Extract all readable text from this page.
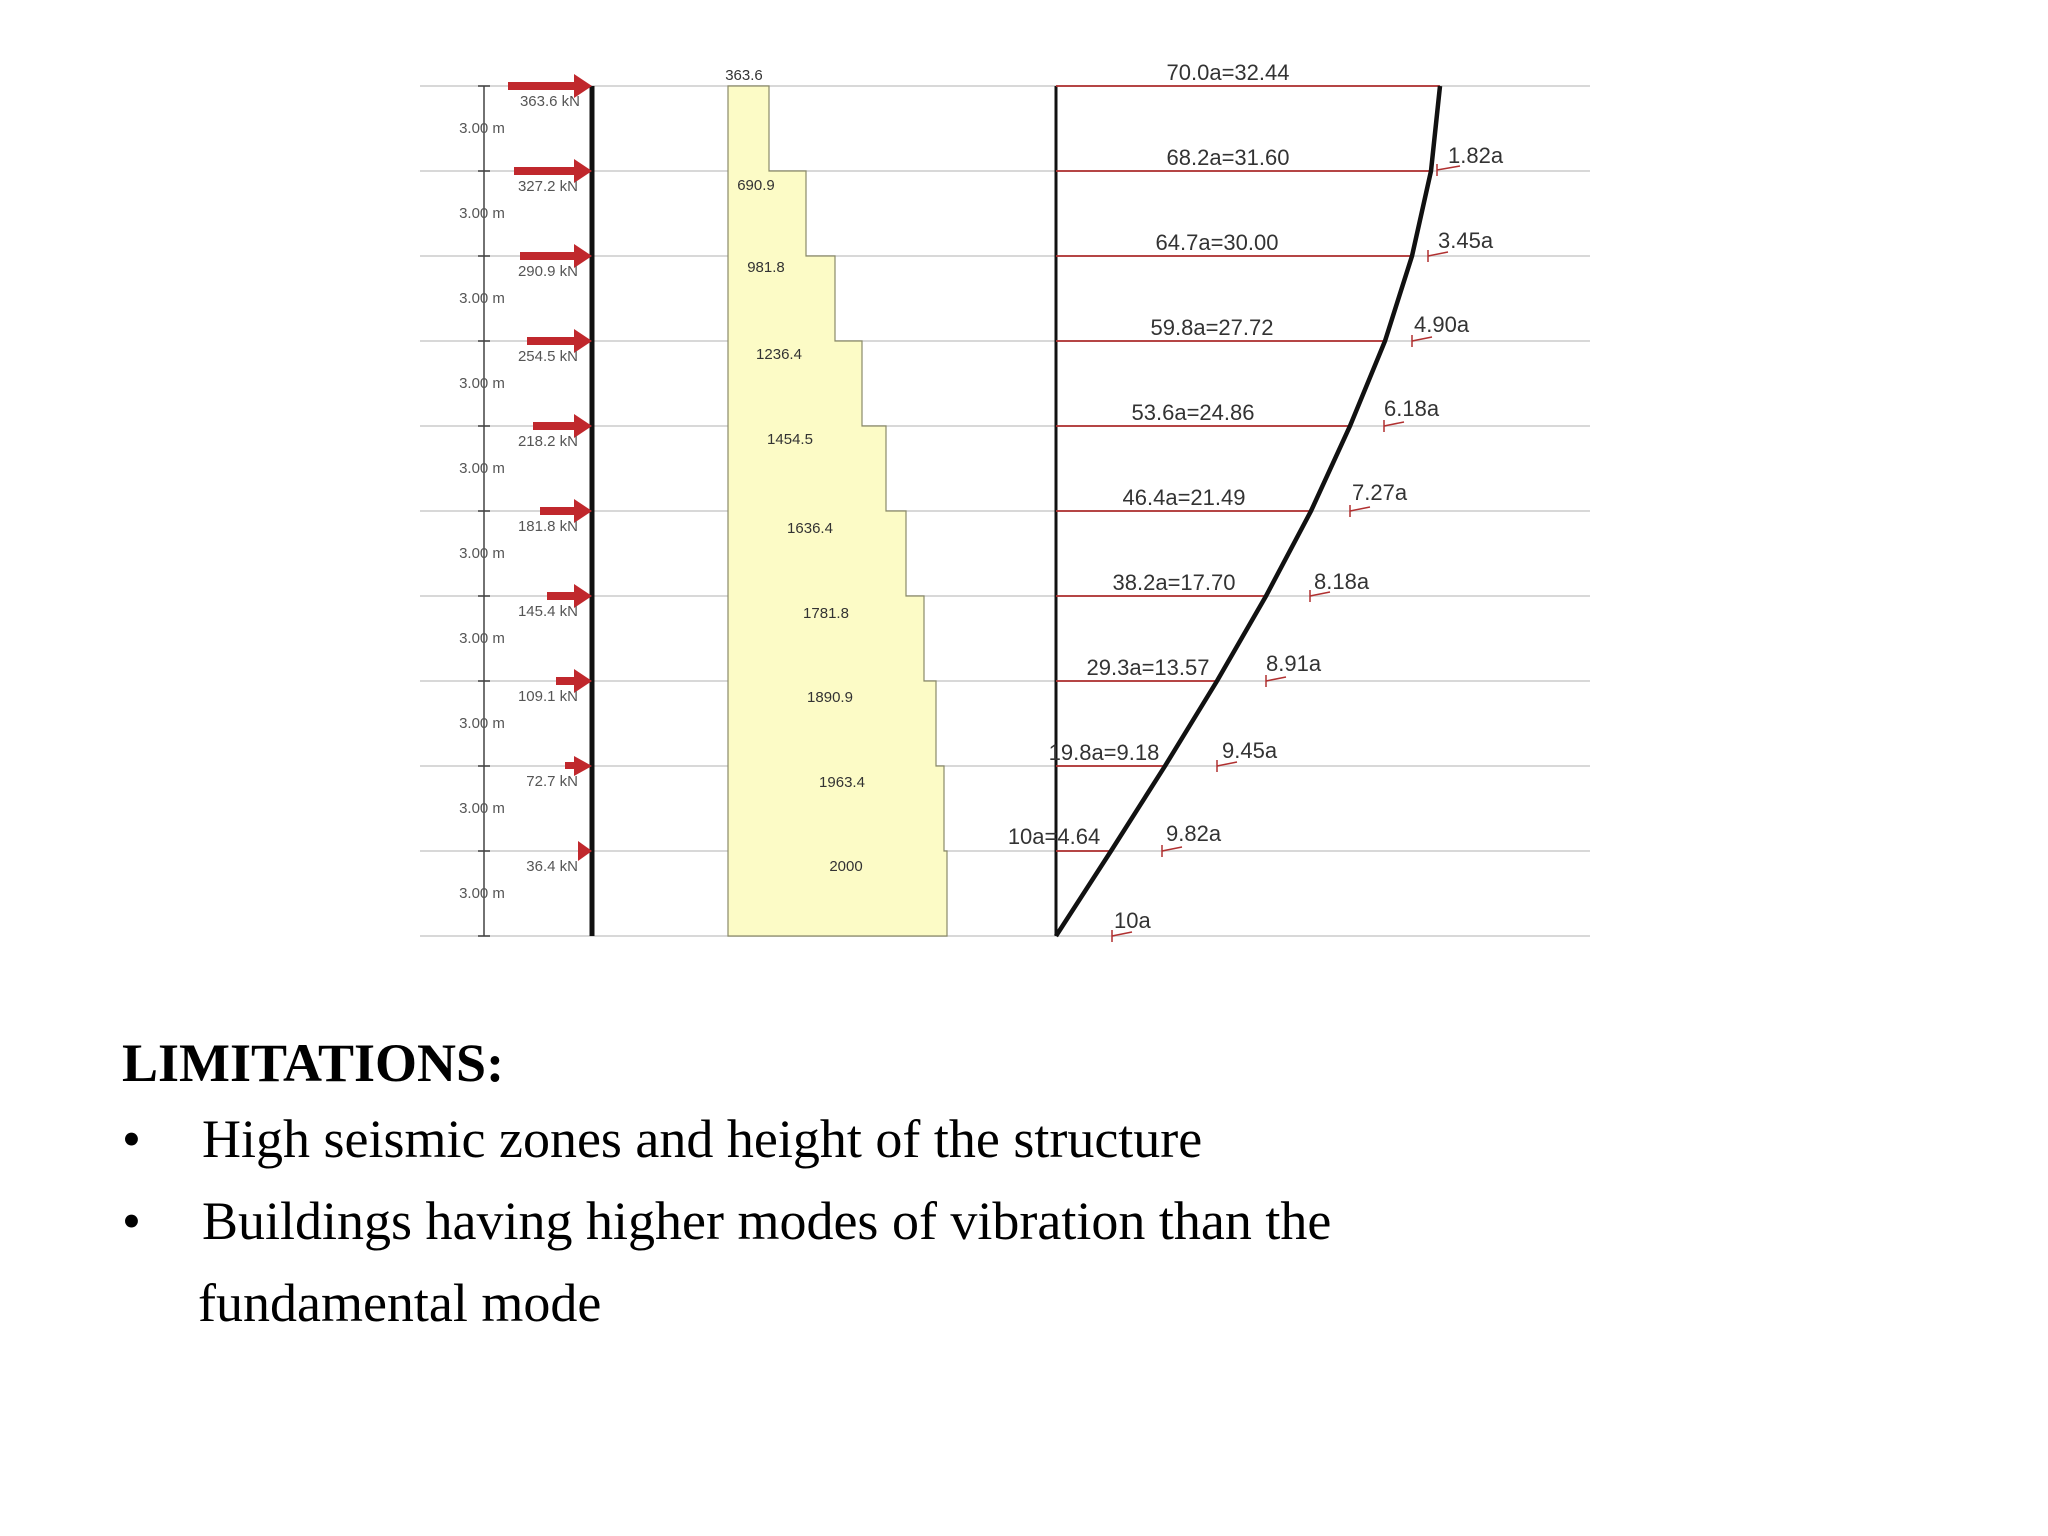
3.00 m
3.00 m
3.00 m
3.00 m
3.00 m
3.00 m
3.00 m
3.00 m
3.00 m
3.00 m
363.6 kN
327.2 kN
290.9 kN
254.5 kN
218.2 kN
181.8 kN
145.4 kN
109.1 kN
72.7 kN
36.4 kN
363.6
690.9
981.8
1236.4
1454.5
1636.4
1781.8
1890.9
1963.4
2000
70.0a=32.44
68.2a=31.60
64.7a=30.00
59.8a=27.72
53.6a=24.86
46.4a=21.49
38.2a=17.70
29.3a=13.57
19.8a=9.18
10a=4.64
1.82a
3.45a
4.90a
6.18a
7.27a
8.18a
8.91a
9.45a
9.82a
10a
LIMITATIONS:
• High seismic zones and height of the structure
• Buildings having higher modes of vibration than the
fundamental mode
